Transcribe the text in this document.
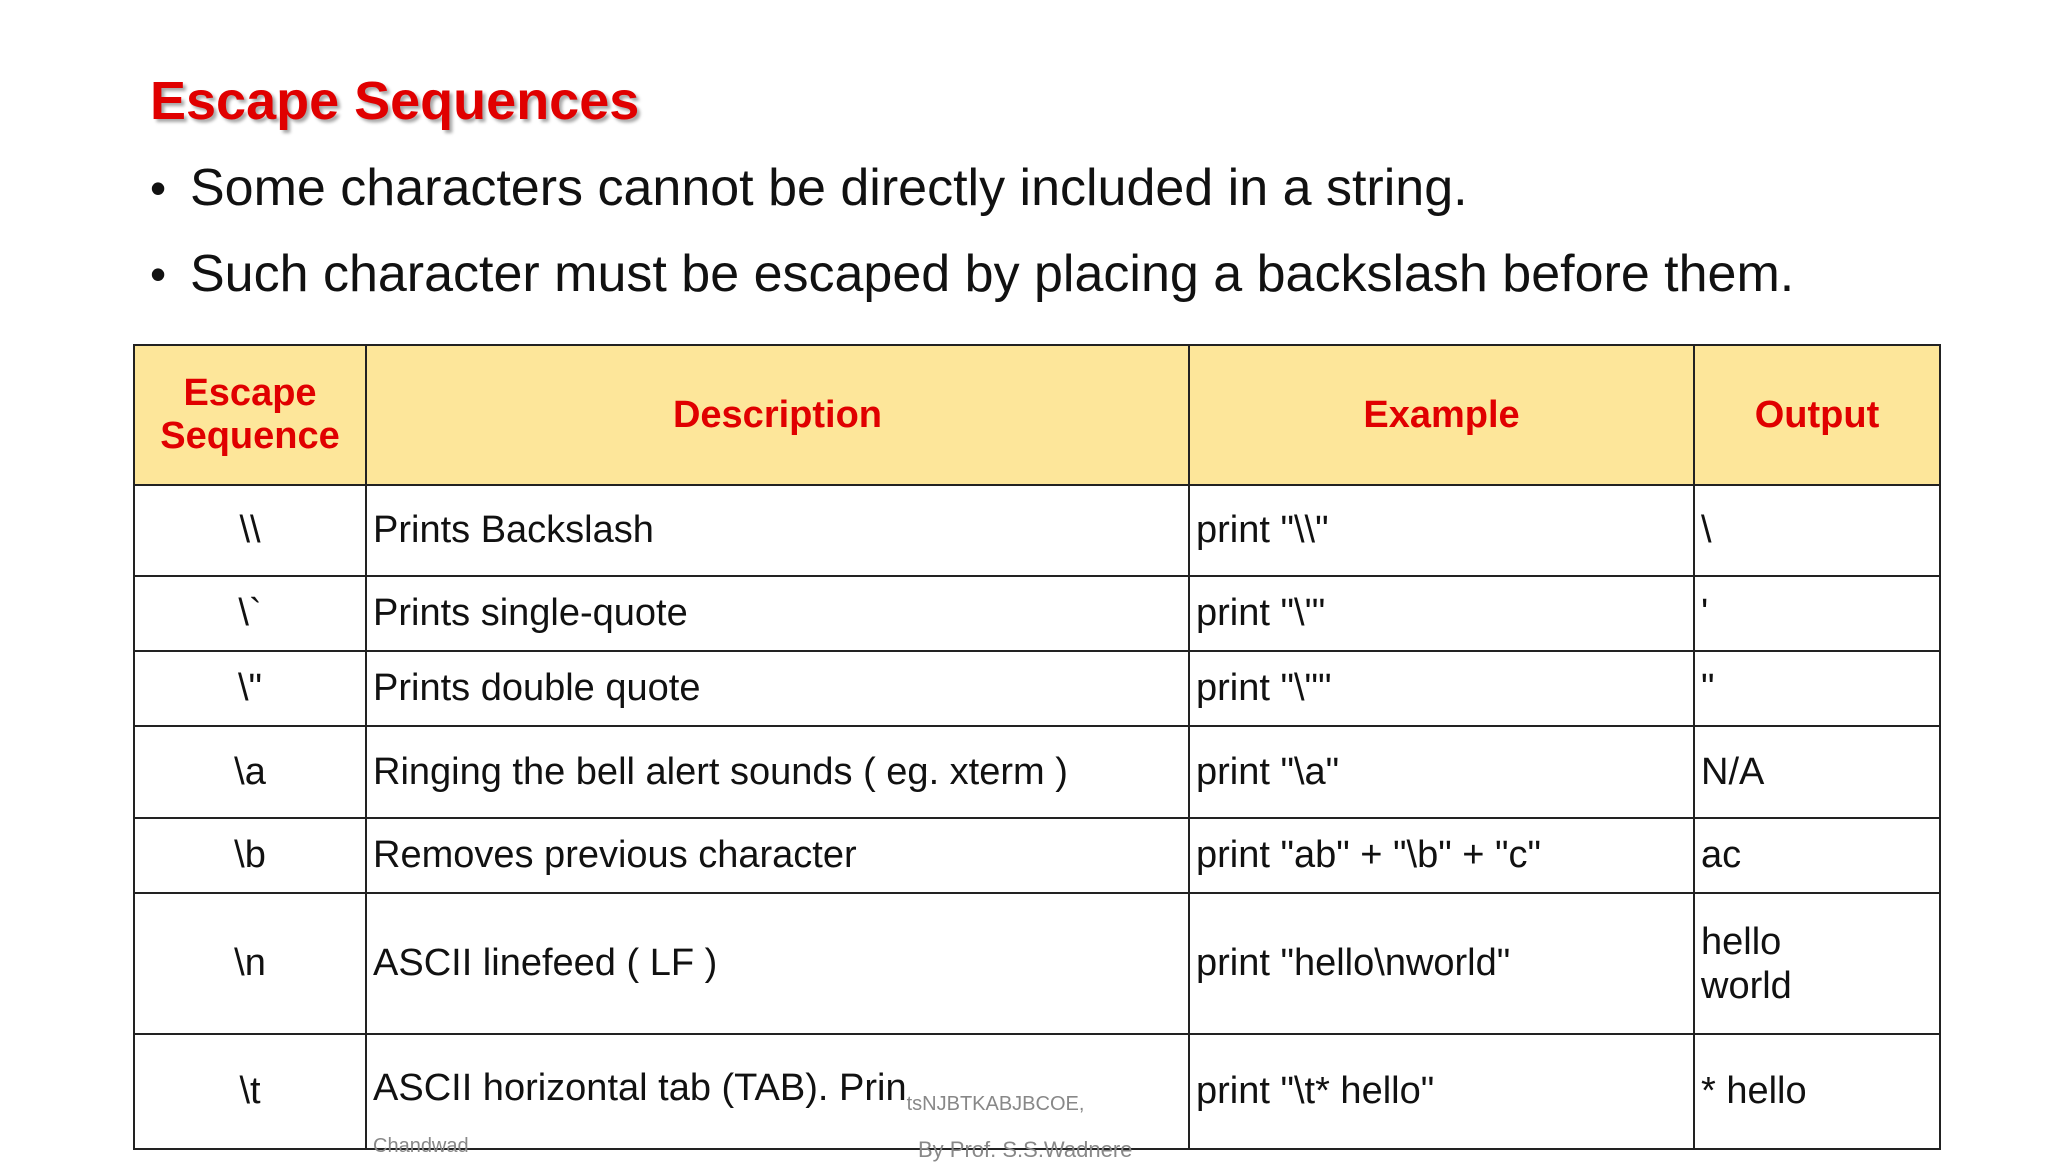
Escape Sequences
• Some characters cannot be directly included in a string.
• Such character must be escaped by placing a backslash before them.
Escape Sequence	Description	Example	Output
\\	Prints Backslash	print "\\"	\
\`	Prints single-quote	print "\'"	'
\"	Prints double quote	print "\""	"
\a	Ringing the bell alert sounds ( eg. xterm )	print "\a"	N/A
\b	Removes previous character	print "ab" + "\b" + "c"	ac
\n	ASCII linefeed ( LF )	print "hello\nworld"	hello
world

\t	ASCII horizontal tab (TAB). Prin$_{tsNJBTKABJBCOE,}$
Chandwad By Prof. S.S.Wadnere	print "\t* hello"	* hello
